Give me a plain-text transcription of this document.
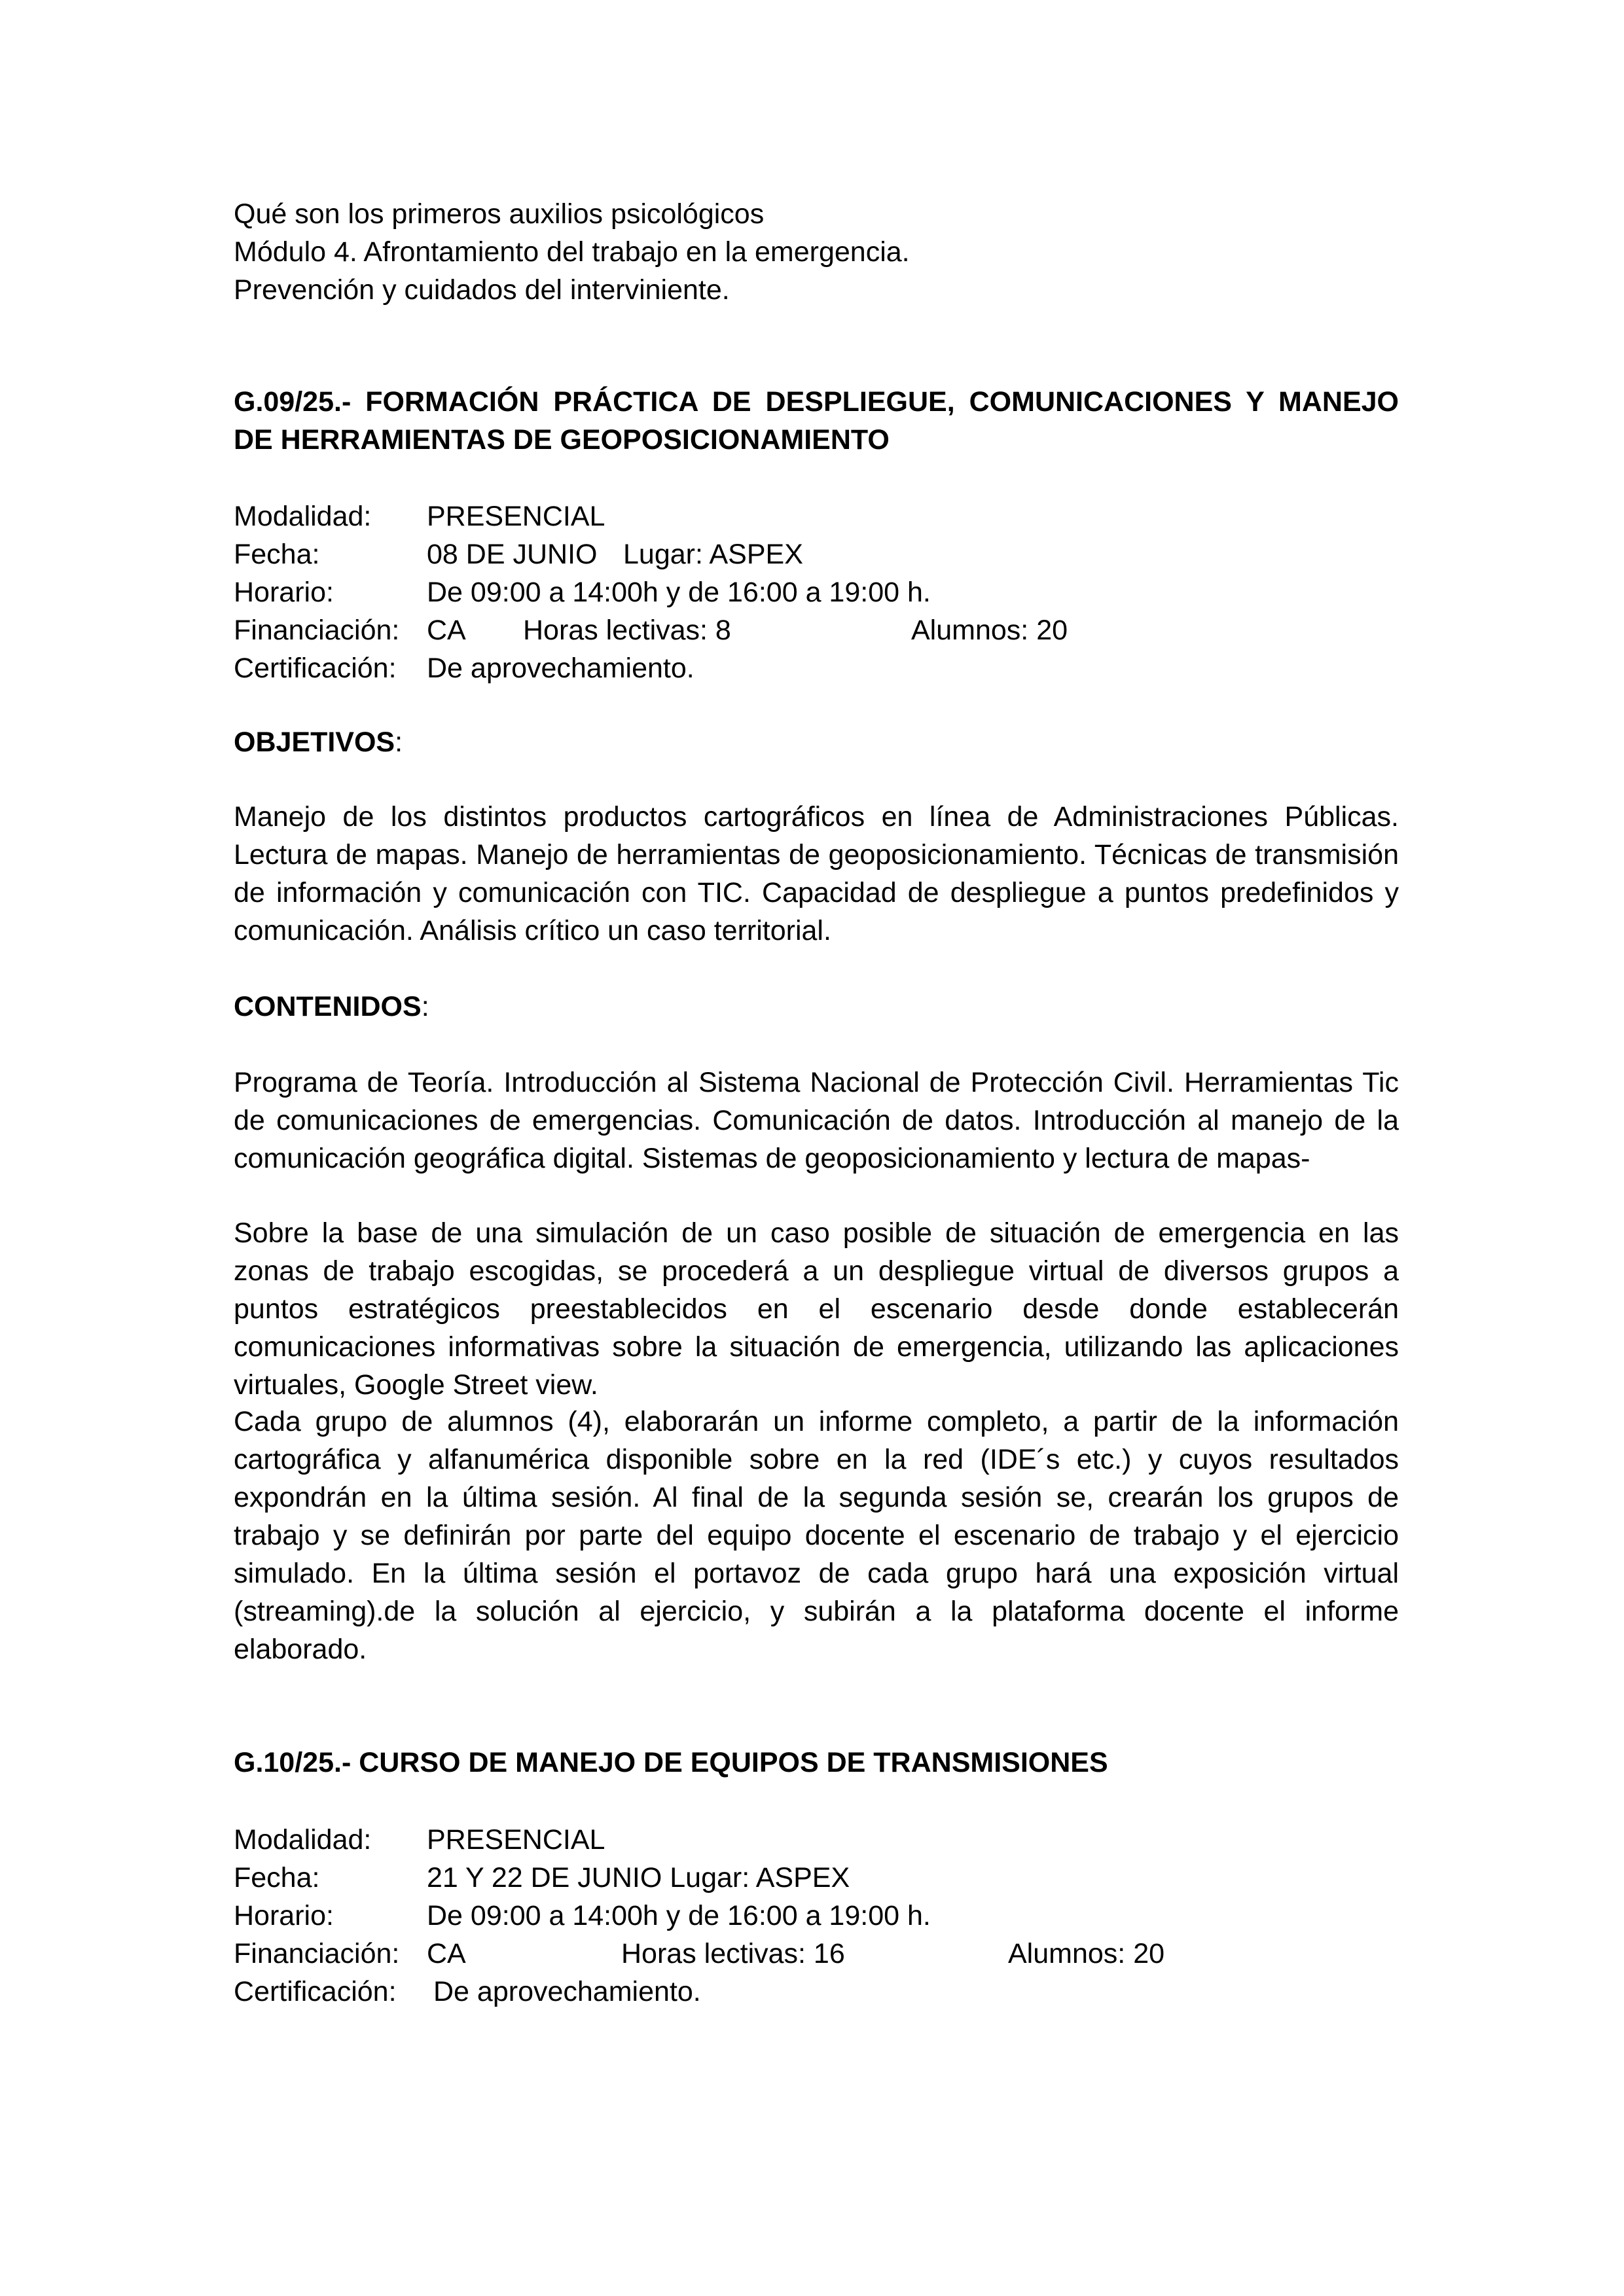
Qué son los primeros auxilios psicológicos
Módulo 4. Afrontamiento del trabajo en la emergencia.
Prevención y cuidados del interviniente.
G.09/25.- FORMACIÓN PRÁCTICA DE DESPLIEGUE, COMUNICACIONES Y MANEJO DE HERRAMIENTAS DE GEOPOSICIONAMIENTO
Modalidad: PRESENCIAL
Fecha:	08 DE JUNIO Lugar: ASPEX
Horario:	De 09:00 a 14:00h y de 16:00 a 19:00 h.
Financiación: CA Horas lectivas: 8	Alumnos: 20
Certificación: De aprovechamiento.
OBJETIVOS:
Manejo de los distintos productos cartográficos en línea de Administraciones Públicas. Lectura de mapas. Manejo de herramientas de geoposicionamiento. Técnicas de transmisión de información y comunicación con TIC. Capacidad de despliegue a puntos predefinidos y comunicación. Análisis crítico un caso territorial.
CONTENIDOS:
Programa de Teoría. Introducción al Sistema Nacional de Protección Civil. Herramientas Tic de comunicaciones de emergencias. Comunicación de datos. Introducción al manejo de la comunicación geográfica digital. Sistemas de geoposicionamiento y lectura de mapas-
Sobre la base de una simulación de un caso posible de situación de emergencia en las zonas de trabajo escogidas, se procederá a un despliegue virtual de diversos grupos a puntos estratégicos preestablecidos en el escenario desde donde establecerán comunicaciones informativas sobre la situación de emergencia, utilizando las aplicaciones virtuales, Google Street view.
Cada grupo de alumnos (4), elaborarán un informe completo, a partir de la información cartográfica y alfanumérica disponible sobre en la red (IDE´s etc.) y cuyos resultados expondrán en la última sesión. Al final de la segunda sesión se, crearán los grupos de trabajo y se definirán por parte del equipo docente el escenario de trabajo y el ejercicio simulado. En la última sesión el portavoz de cada grupo hará una exposición virtual (streaming).de la solución al ejercicio, y subirán a la plataforma docente el informe elaborado.
G.10/25.- CURSO DE MANEJO DE EQUIPOS DE TRANSMISIONES
Modalidad: PRESENCIAL
Fecha:	21 Y 22 DE JUNIO Lugar: ASPEX
Horario:	De 09:00 a 14:00h y de 16:00 a 19:00 h.
Financiación: CA	Horas lectivas: 16	Alumnos: 20
Certificación: De aprovechamiento.
